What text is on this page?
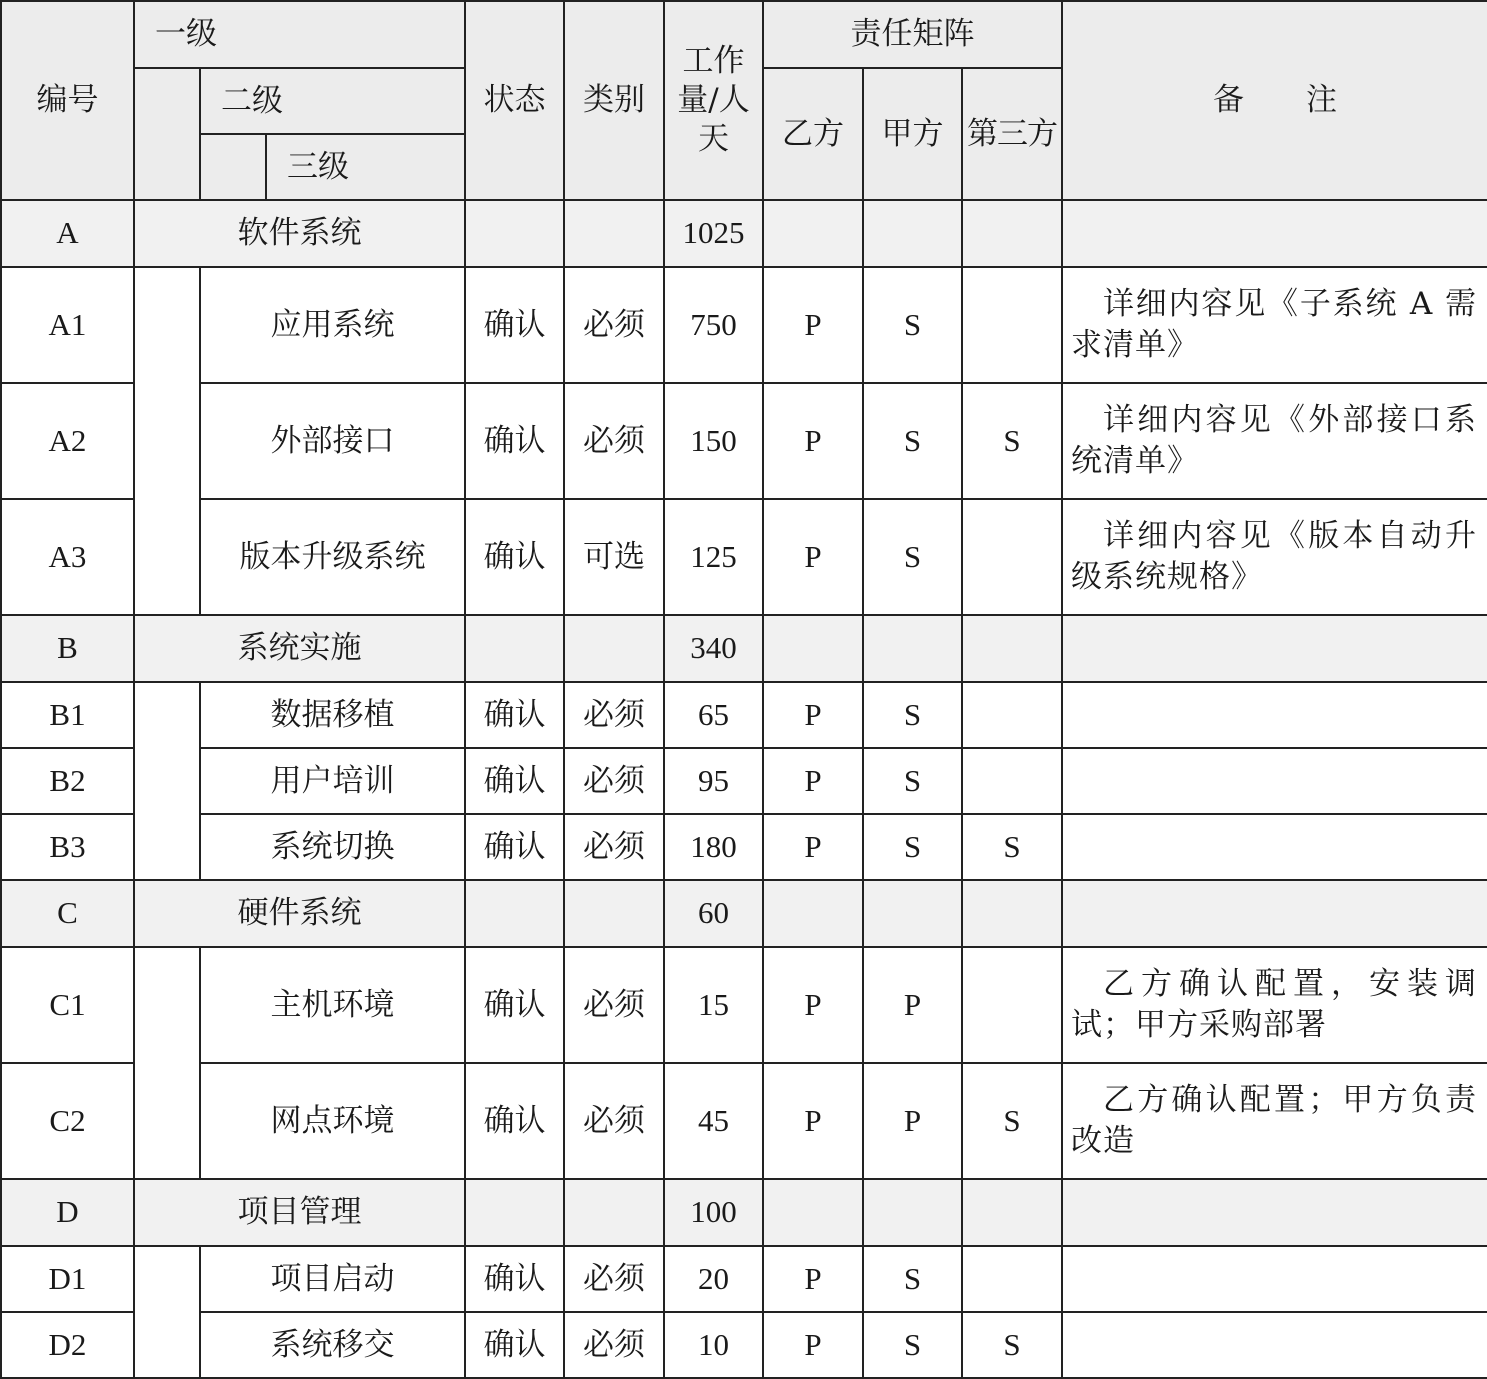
编号	一级			状态	类别	工作量/人天	责任矩阵			备　　注
		二级					乙方	甲方	第三方	
			三级							
A	软件系统					1025				

A1		应用系统		确认	必须	750	P	S		详细内容见《子系统 A 需求清单》

A2		外部接口		确认	必须	150	P	S	S	详细内容见《外部接口系统清单》

A3		版本升级系统		确认	可选	125	P	S		详细内容见《版本自动升级系统规格》

B	系统实施					340				

B1		数据移植		确认	必须	65	P	S		

B2		用户培训		确认	必须	95	P	S		

B3		系统切换		确认	必须	180	P	S	S	

C	硬件系统					60				

C1		主机环境		确认	必须	15	P	P		乙方确认配置，安装调试；甲方采购部署

C2		网点环境		确认	必须	45	P	P	S	乙方确认配置；甲方负责改造

D	项目管理					100				

D1		项目启动		确认	必须	20	P	S		

D2		系统移交		确认	必须	10	P	S	S	
